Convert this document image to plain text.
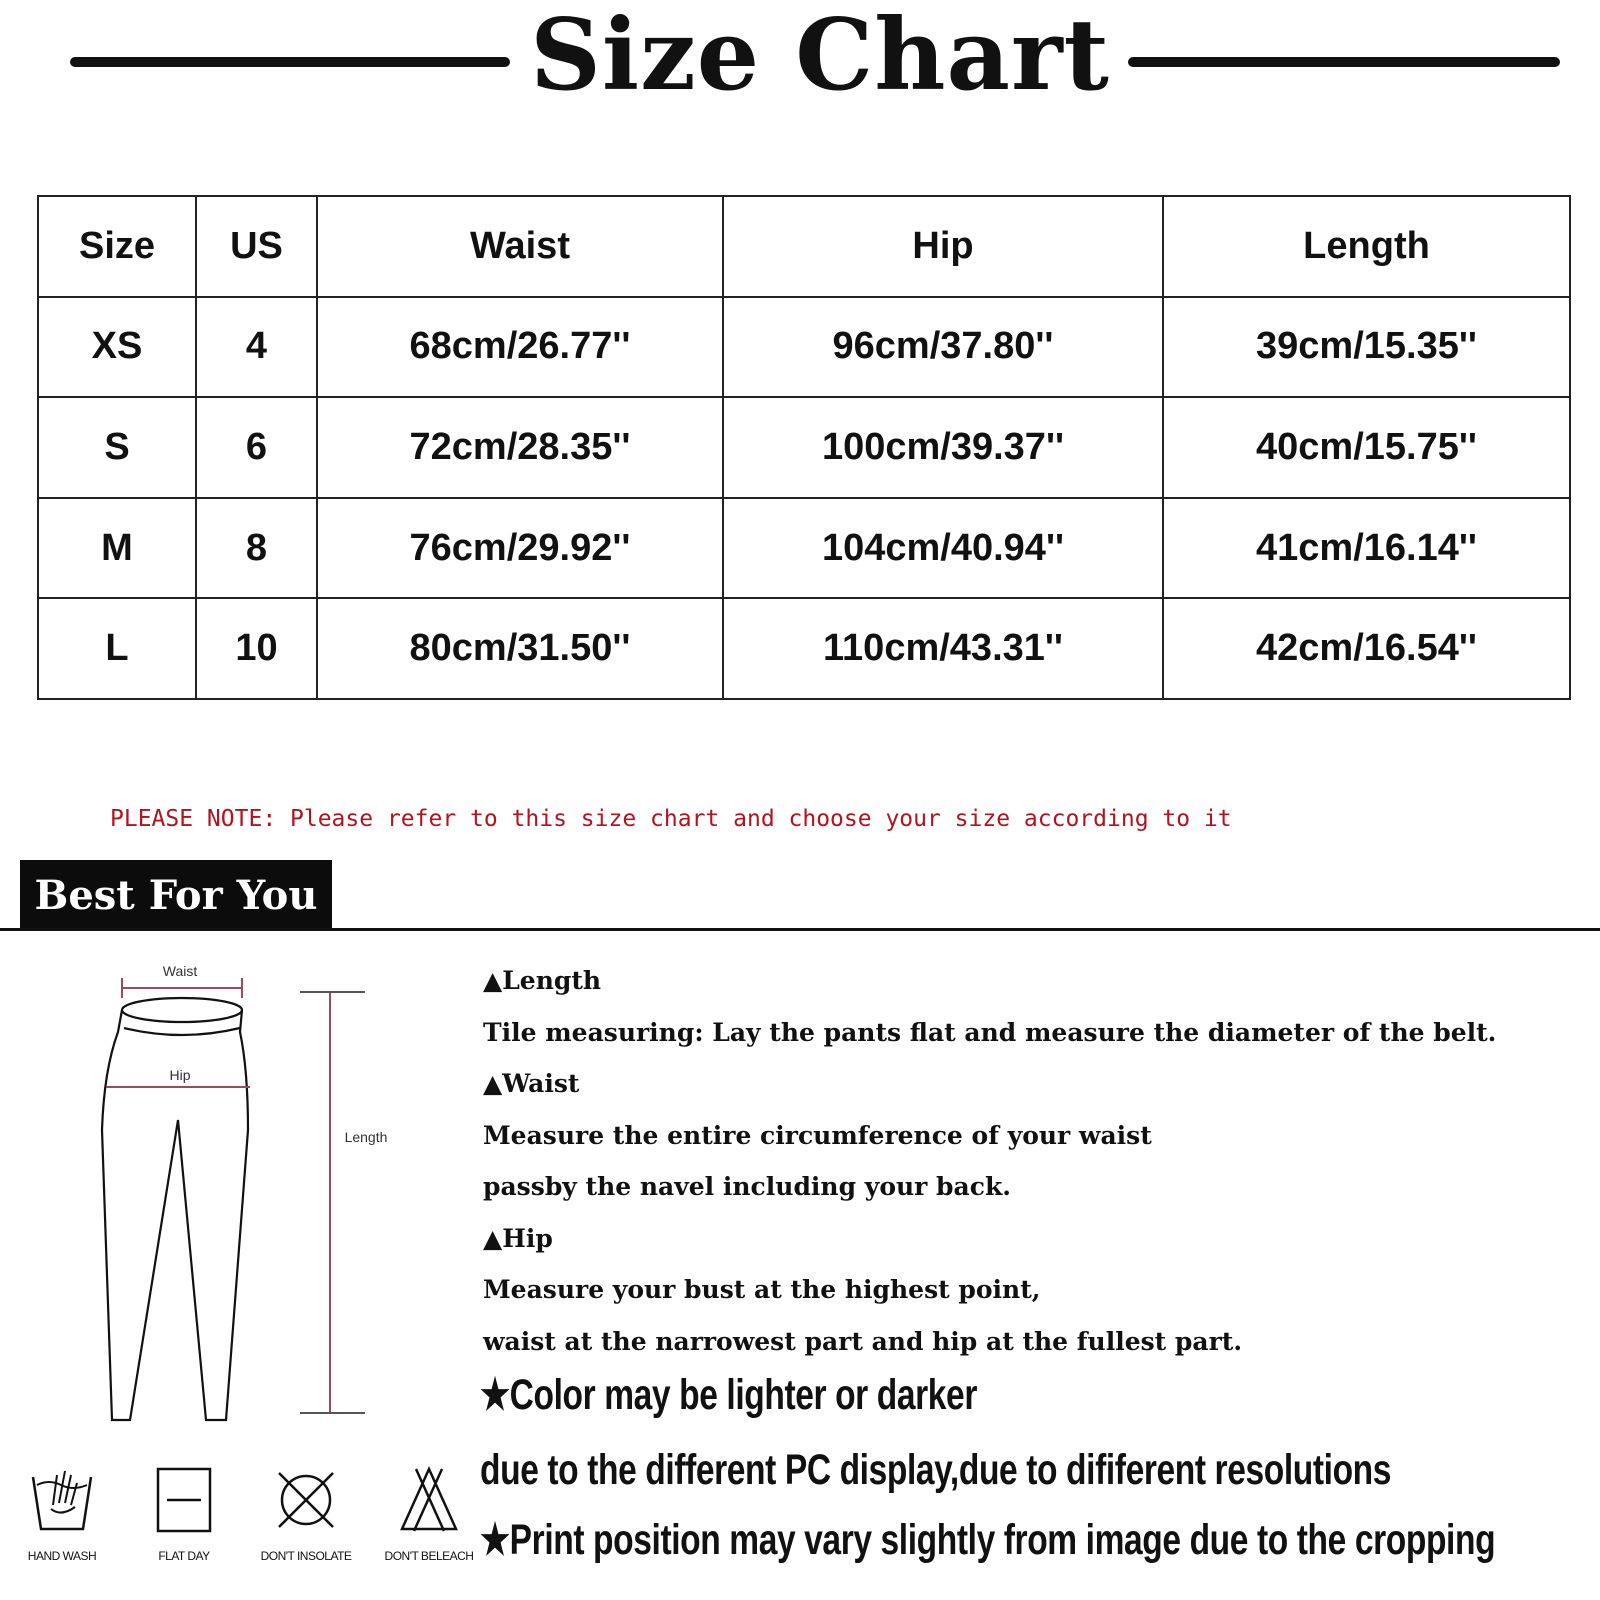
Size Chart
Size	US	Waist	Hip	Length
XS	4	68cm/26.77''	96cm/37.80''	39cm/15.35''
S	6	72cm/28.35''	100cm/39.37''	40cm/15.75''
M	8	76cm/29.92''	104cm/40.94''	41cm/16.14''
L	10	80cm/31.50''	110cm/43.31''	42cm/16.54''
PLEASE NOTE: Please refer to this size chart and choose your size according to it
Best For You
Waist
Hip
Length
HAND WASH	FLAT DAY	DON'T INSOLATE	DON'T BELEACH
▲Length
Tile measuring: Lay the pants flat and measure the diameter of the belt.
▲Waist
Measure the entire circumference of your waist
passby the navel including your back.
▲Hip
Measure your bust at the highest point,
waist at the narrowest part and hip at the fullest part.
★Color may be lighter or darker
due to the different PC display,due to dififerent resolutions
★Print position may vary slightly from image due to the cropping
